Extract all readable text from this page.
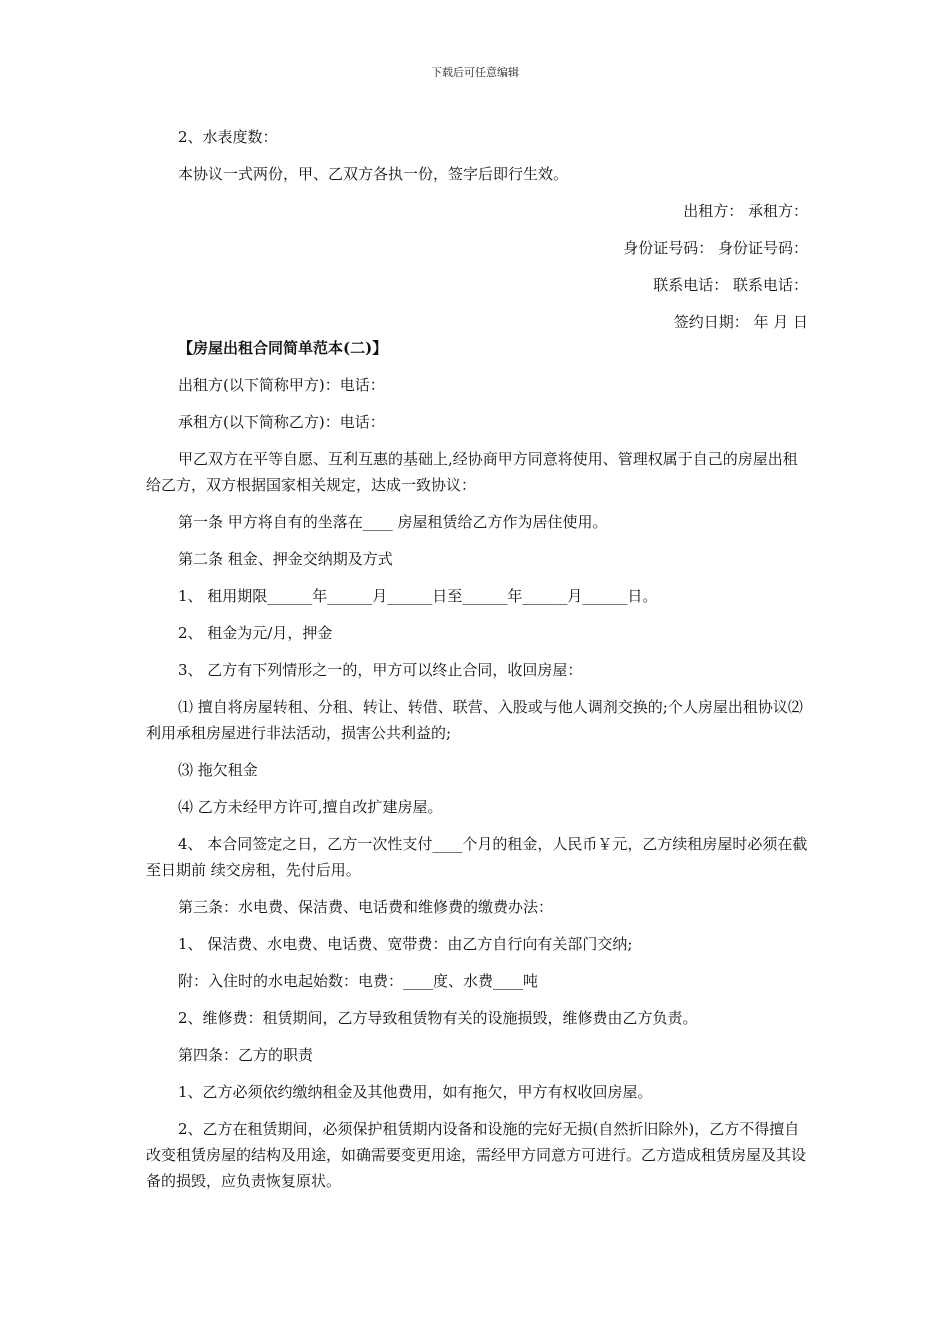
下载后可任意编辑

2、水表度数：

本协议一式两份，甲、乙双方各执一份，签字后即行生效。

出租方： 承租方：

身份证号码： 身份证号码：

联系电话： 联系电话：

签约日期： 年 月 日

【房屋出租合同简单范本(二)】

出租方(以下简称甲方)：电话：

承租方(以下简称乙方)：电话：

甲乙双方在平等自愿、互利互惠的基础上,经协商甲方同意将使用、管理权属于自己的房屋出租给乙方，双方根据国家相关规定，达成一致协议：

第一条 甲方将自有的坐落在____ 房屋租赁给乙方作为居住使用。

第二条 租金、押金交纳期及方式

1、 租用期限______年______月______日至______年______月______日。

2、 租金为元/月，押金

3、 乙方有下列情形之一的，甲方可以终止合同，收回房屋：

⑴ 擅自将房屋转租、分租、转让、转借、联营、入股或与他人调剂交换的;个人房屋出租协议⑵ 利用承租房屋进行非法活动，损害公共利益的;

⑶ 拖欠租金

⑷ 乙方未经甲方许可,擅自改扩建房屋。

4、 本合同签定之日，乙方一次性支付____个月的租金，人民币￥元，乙方续租房屋时必须在截至日期前 续交房租，先付后用。

第三条：水电费、保洁费、电话费和维修费的缴费办法：

1、 保洁费、水电费、电话费、宽带费：由乙方自行向有关部门交纳;

附：入住时的水电起始数：电费：____度、水费____吨

2、维修费：租赁期间，乙方导致租赁物有关的设施损毁，维修费由乙方负责。

第四条：乙方的职责

1、乙方必须依约缴纳租金及其他费用，如有拖欠，甲方有权收回房屋。

2、乙方在租赁期间，必须保护租赁期内设备和设施的完好无损(自然折旧除外)，乙方不得擅自改变租赁房屋的结构及用途，如确需要变更用途，需经甲方同意方可进行。乙方造成租赁房屋及其设备的损毁，应负责恢复原状。
